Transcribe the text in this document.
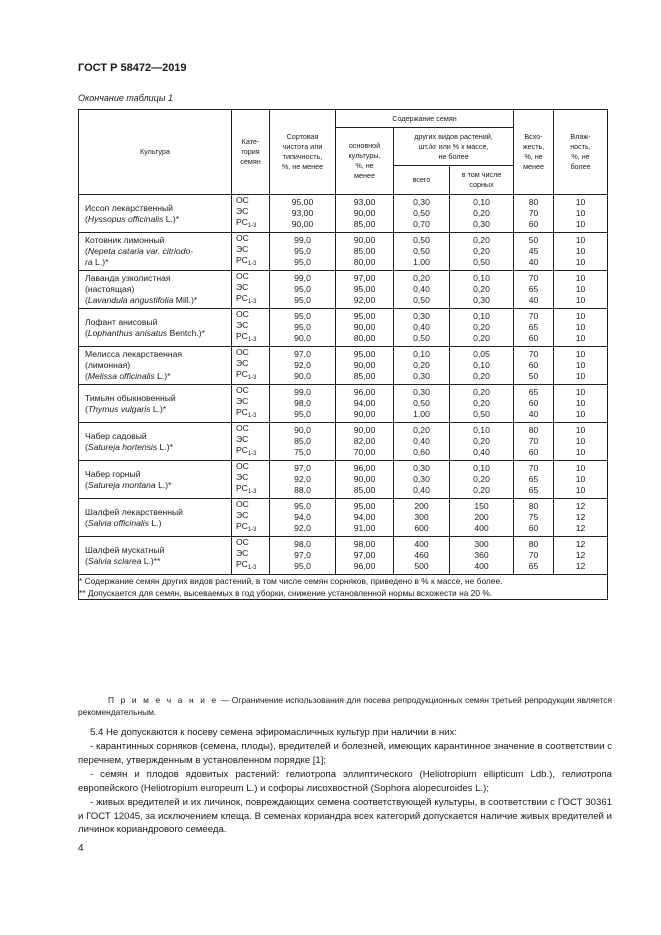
ГОСТ Р 58472—2019
Окончание таблицы 1
Культура	Кате-
гория
семян	Сортовая
чистота или
типичность,
%, не менее	Содержание семян			Всхо-
жесть,
%, не
менее	Влаж-
ность,
%, не
более
			основной
культуры,
%, не
менее	других видов растений,
шт./кг или % к массе,
не более			
				всего	в том числе
сорных		

Иссоп лекарственный
(Hyssopus officinalis L.)*	ОС
ЭС
$РС_{1-3}$	95,00
93,00
90,00	93,00
90,00
85,00	0,30
0,50
0,70	0,10
0,20
0,30	80
70
60	10
10
10

Котовник лимонный
(Nepeta cataria var. citriodo-
ra L.)*	ОС
ЭС
$РС_{1-3}$	99,0
95,0
95,0	90,00
85,00
80,00	0,50
0,50
1,00	0,20
0,20
0,50	50
45
40	10
10
10

Лаванда узколистная
(настоящая)
(Lavandula angustifolia Mill.)*	ОС
ЭС
$РС_{1-3}$	99,0
95,0
95,0	97,00
95,00
92,00	0,20
0,40
0,50	0,10
0,20
0,30	70
65
40	10
10
10

Лофант анисовый
(Lophanthus anisatus Bentch.)*	ОС
ЭС
$РС_{1-3}$	95,0
95,0
90,0	95,00
90,00
80,00	0,30
0,40
0,50	0,10
0,20
0,20	70
65
60	10
10
10

Мелисса лекарственная
(лимонная)
(Melissa officinalis L.)*	ОС
ЭС
$РС_{1-3}$	97,0
92,0
90,0	95,00
90,00
85,00	0,10
0,20
0,30	0,05
0,10
0,20	70
60
50	10
10
10

Тимьян обыкновенный
(Thymus vulgaris L.)*	ОС
ЭС
$РС_{1-3}$	99,0
98,0
95,0	96,00
94,00
90,00	0,30
0,50
1,00	0,20
0,20
0,50	65
60
40	10
10
10

Чабер садовый
(Satureja hortensis L.)*	ОС
ЭС
$РС_{1-3}$	90,0
85,0
75,0	90,00
82,00
70,00	0,20
0,40
0,60	0,10
0,20
0,40	80
70
60	10
10
10

Чабер горный
(Satureja montana L.)*	ОС
ЭС
$РС_{1-3}$	97,0
92,0
88,0	96,00
90,00
85,00	0,30
0,30
0,40	0,10
0,20
0,20	70
65
65	10
10
10

Шалфей лекарственный
(Salvia officinalis L.)	ОС
ЭС
$РС_{1-3}$	95,0
94,0
92,0	95,00
94,00
91,00	200
300
600	150
200
400	80
75
60	12
12
12

Шалфей мускатный
(Salvia sclarea L.)**	ОС
ЭС
$РС_{1-3}$	98,0
97,0
95,0	98,00
97,00
96,00	400
460
500	300
360
400	80
70
65	12
12
12

* Содержание семян других видов растений, в том числе семян сорняков, приведено в % к массе, не более.
** Допускается для семян, высеваемых в год уборки, снижение установленной нормы всхожести на 20 %.							
П р и м е ч а н и е — Ограничение использования для посева репродукционных семян третьей репродукции является рекомендательным.
5.4 Не допускаются к посеву семена эфиромасличных культур при наличии в них:
- карантинных сорняков (семена, плоды), вредителей и болезней, имеющих карантинное значение в соответствии с перечнем, утвержденным в установленном порядке [1];
- семян и плодов ядовитых растений: гелиотропа эллиптического (Heliotropium ellipticum Ldb.), гелиотропа европейского (Heliotropium europeum L.) и софоры лисохвостной (Sophora alopecuroides L.);
- живых вредителей и их личинок, повреждающих семена соответствующей культуры, в соответствии с ГОСТ 30361 и ГОСТ 12045, за исключением клеща. В семенах кориандра всех категорий допускается наличие живых вредителей и личинок кориандрового семееда.
4
